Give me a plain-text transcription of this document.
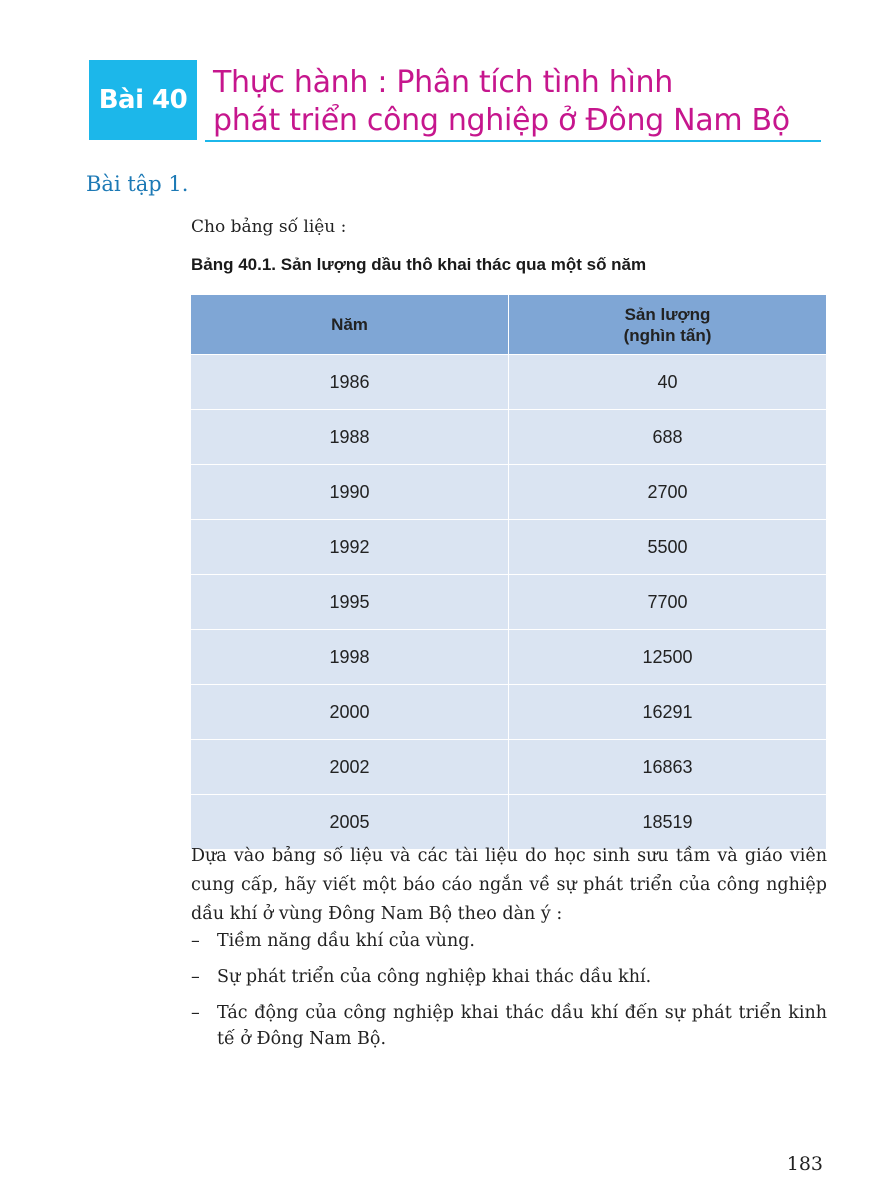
Bài 40 Thực hành : Phân tích tình hình
phát triển công nghiệp ở Đông Nam Bộ
Bài tập 1.
Cho bảng số liệu :
Bảng 40.1. Sản lượng dầu thô khai thác qua một số năm
Năm	Sản lượng
(nghìn tấn)

1986	40
1988	688
1990	2700
1992	5500
1995	7700
1998	12500
2000	16291
2002	16863
2005	18519
Dựa vào bảng số liệu và các tài liệu do học sinh sưu tầm và giáo viên cung cấp, hãy viết một báo cáo ngắn về sự phát triển của công nghiệp dầu khí ở vùng Đông Nam Bộ theo dàn ý :
– Tiềm năng dầu khí của vùng.
– Sự phát triển của công nghiệp khai thác dầu khí.
– Tác động của công nghiệp khai thác dầu khí đến sự phát triển kinh tế ở Đông Nam Bộ.
183
